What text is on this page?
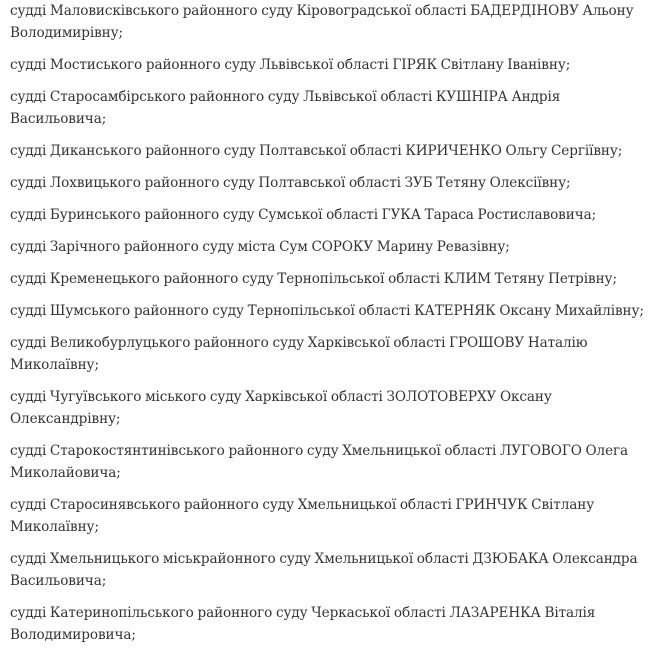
судді Маловисківського районного суду Кіровоградської області БАДЕРДІНОВУ Альону Володимирівну;

судді Мостиського районного суду Львівської області ГІРЯК Світлану Іванівну;

судді Старосамбірського районного суду Львівської області КУШНІРА Андрія Васильовича;

судді Диканського районного суду Полтавської області КИРИЧЕНКО Ольгу Сергіївну;

судді Лохвицького районного суду Полтавської області ЗУБ Тетяну Олексіївну;

судді Буринського районного суду Сумської області ГУКА Тараса Ростиславовича;

судді Зарічного районного суду міста Сум СОРОКУ Марину Ревазівну;

судді Кременецького районного суду Тернопільської області КЛИМ Тетяну Петрівну;

судді Шумського районного суду Тернопільської області КАТЕРНЯК Оксану Михайлівну;

судді Великобурлуцького районного суду Харківської області ГРОШОВУ Наталію Миколаївну;

судді Чугуївського міського суду Харківської області ЗОЛОТОВЕРХУ Оксану Олександрівну;

судді Старокостянтинівського районного суду Хмельницької області ЛУГОВОГО Олега Миколайовича;

судді Старосинявського районного суду Хмельницької області ГРИНЧУК Світлану Миколаївну;

судді Хмельницького міськрайонного суду Хмельницької області ДЗЮБАКА Олександра Васильовича;

судді Катеринопільського районного суду Черкаської області ЛАЗАРЕНКА Віталія Володимировича;
